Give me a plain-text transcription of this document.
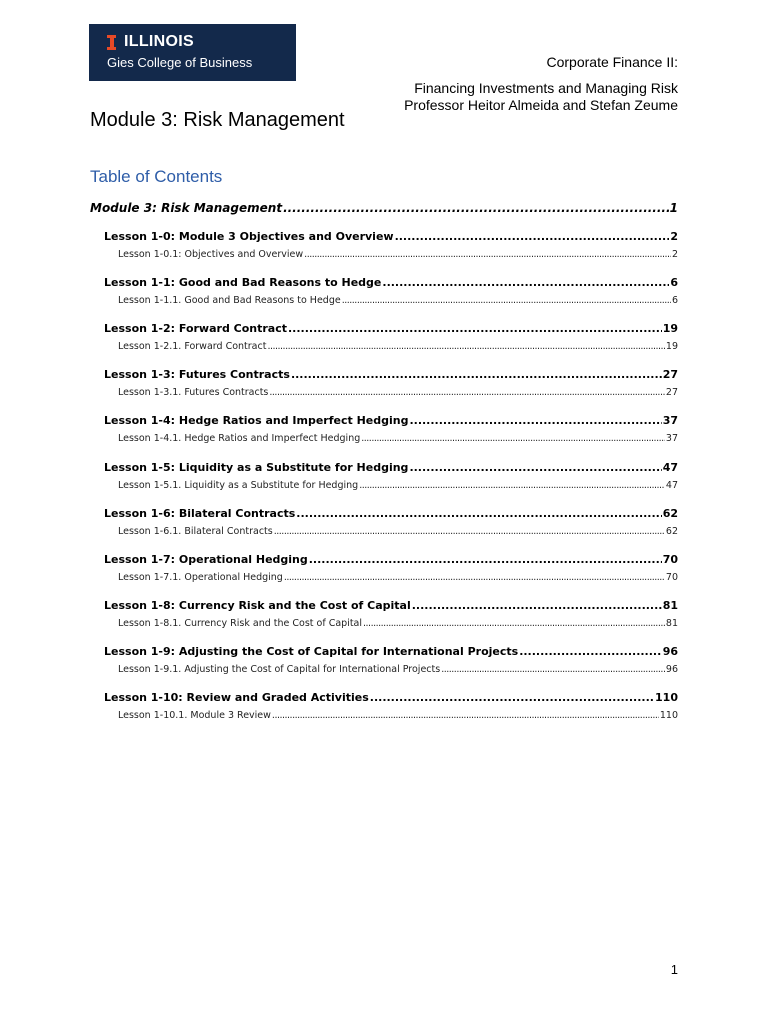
ILLINOIS
Gies College of Business	Corporate Finance II:
Financing Investments and Managing Risk
Professor Heitor Almeida and Stefan Zeume
Module 3: Risk Management
Table of Contents
Module 3: Risk Management .....	1
Lesson 1-0: Module 3 Objectives and Overview .....	2
Lesson 1-0.1: Objectives and Overview .....	2
Lesson 1-1: Good and Bad Reasons to Hedge .....	6
Lesson 1-1.1. Good and Bad Reasons to Hedge .....	6
Lesson 1-2: Forward Contract .....	19
Lesson 1-2.1. Forward Contract .....	19
Lesson 1-3: Futures Contracts .....	27
Lesson 1-3.1. Futures Contracts .....	27
Lesson 1-4: Hedge Ratios and Imperfect Hedging .....	37
Lesson 1-4.1. Hedge Ratios and Imperfect Hedging .....	37
Lesson 1-5: Liquidity as a Substitute for Hedging .....	47
Lesson 1-5.1. Liquidity as a Substitute for Hedging .....	47
Lesson 1-6: Bilateral Contracts .....	62
Lesson 1-6.1. Bilateral Contracts .....	62
Lesson 1-7: Operational Hedging .....	70
Lesson 1-7.1. Operational Hedging .....	70
Lesson 1-8: Currency Risk and the Cost of Capital .....	81
Lesson 1-8.1. Currency Risk and the Cost of Capital .....	81
Lesson 1-9: Adjusting the Cost of Capital for International Projects .....	96
Lesson 1-9.1. Adjusting the Cost of Capital for International Projects .....	96
Lesson 1-10: Review and Graded Activities .....	110
Lesson 1-10.1. Module 3 Review .....	110
1
